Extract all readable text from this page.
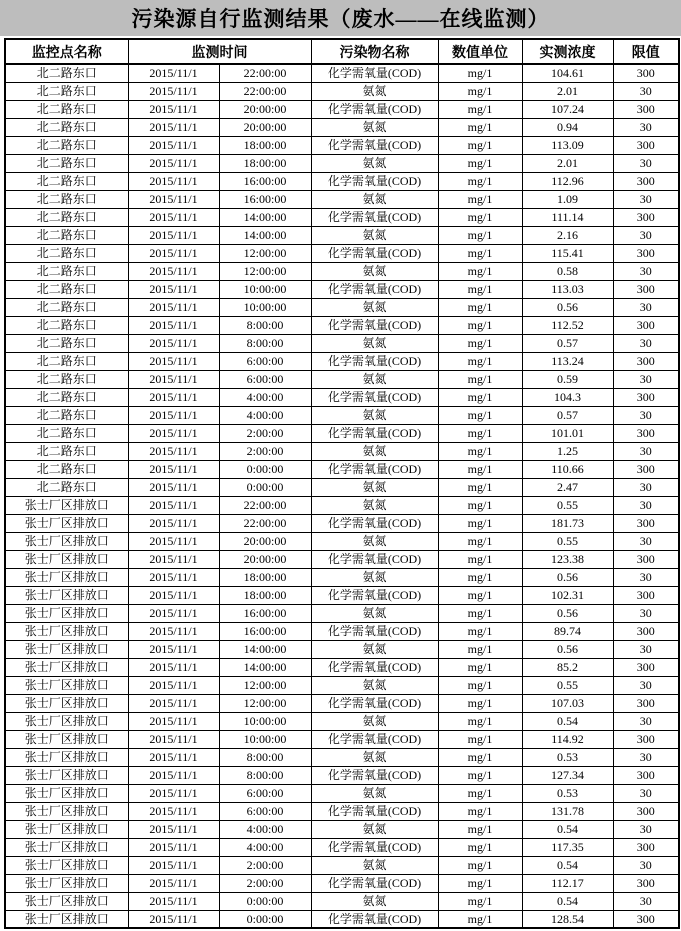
污染源自行监测结果（废水——在线监测）
监控点名称	监测时间		污染物名称	数值单位	实测浓度	限值
北二路东口	2015/11/1	22:00:00	化学需氧量(COD)	mg/1	104.61	300
北二路东口	2015/11/1	22:00:00	氨氮	mg/1	2.01	30
北二路东口	2015/11/1	20:00:00	化学需氧量(COD)	mg/1	107.24	300
北二路东口	2015/11/1	20:00:00	氨氮	mg/1	0.94	30
北二路东口	2015/11/1	18:00:00	化学需氧量(COD)	mg/1	113.09	300
北二路东口	2015/11/1	18:00:00	氨氮	mg/1	2.01	30
北二路东口	2015/11/1	16:00:00	化学需氧量(COD)	mg/1	112.96	300
北二路东口	2015/11/1	16:00:00	氨氮	mg/1	1.09	30
北二路东口	2015/11/1	14:00:00	化学需氧量(COD)	mg/1	111.14	300
北二路东口	2015/11/1	14:00:00	氨氮	mg/1	2.16	30
北二路东口	2015/11/1	12:00:00	化学需氧量(COD)	mg/1	115.41	300
北二路东口	2015/11/1	12:00:00	氨氮	mg/1	0.58	30
北二路东口	2015/11/1	10:00:00	化学需氧量(COD)	mg/1	113.03	300
北二路东口	2015/11/1	10:00:00	氨氮	mg/1	0.56	30
北二路东口	2015/11/1	8:00:00	化学需氧量(COD)	mg/1	112.52	300
北二路东口	2015/11/1	8:00:00	氨氮	mg/1	0.57	30
北二路东口	2015/11/1	6:00:00	化学需氧量(COD)	mg/1	113.24	300
北二路东口	2015/11/1	6:00:00	氨氮	mg/1	0.59	30
北二路东口	2015/11/1	4:00:00	化学需氧量(COD)	mg/1	104.3	300
北二路东口	2015/11/1	4:00:00	氨氮	mg/1	0.57	30
北二路东口	2015/11/1	2:00:00	化学需氧量(COD)	mg/1	101.01	300
北二路东口	2015/11/1	2:00:00	氨氮	mg/1	1.25	30
北二路东口	2015/11/1	0:00:00	化学需氧量(COD)	mg/1	110.66	300
北二路东口	2015/11/1	0:00:00	氨氮	mg/1	2.47	30
张士厂区排放口	2015/11/1	22:00:00	氨氮	mg/1	0.55	30
张士厂区排放口	2015/11/1	22:00:00	化学需氧量(COD)	mg/1	181.73	300
张士厂区排放口	2015/11/1	20:00:00	氨氮	mg/1	0.55	30
张士厂区排放口	2015/11/1	20:00:00	化学需氧量(COD)	mg/1	123.38	300
张士厂区排放口	2015/11/1	18:00:00	氨氮	mg/1	0.56	30
张士厂区排放口	2015/11/1	18:00:00	化学需氧量(COD)	mg/1	102.31	300
张士厂区排放口	2015/11/1	16:00:00	氨氮	mg/1	0.56	30
张士厂区排放口	2015/11/1	16:00:00	化学需氧量(COD)	mg/1	89.74	300
张士厂区排放口	2015/11/1	14:00:00	氨氮	mg/1	0.56	30
张士厂区排放口	2015/11/1	14:00:00	化学需氧量(COD)	mg/1	85.2	300
张士厂区排放口	2015/11/1	12:00:00	氨氮	mg/1	0.55	30
张士厂区排放口	2015/11/1	12:00:00	化学需氧量(COD)	mg/1	107.03	300
张士厂区排放口	2015/11/1	10:00:00	氨氮	mg/1	0.54	30
张士厂区排放口	2015/11/1	10:00:00	化学需氧量(COD)	mg/1	114.92	300
张士厂区排放口	2015/11/1	8:00:00	氨氮	mg/1	0.53	30
张士厂区排放口	2015/11/1	8:00:00	化学需氧量(COD)	mg/1	127.34	300
张士厂区排放口	2015/11/1	6:00:00	氨氮	mg/1	0.53	30
张士厂区排放口	2015/11/1	6:00:00	化学需氧量(COD)	mg/1	131.78	300
张士厂区排放口	2015/11/1	4:00:00	氨氮	mg/1	0.54	30
张士厂区排放口	2015/11/1	4:00:00	化学需氧量(COD)	mg/1	117.35	300
张士厂区排放口	2015/11/1	2:00:00	氨氮	mg/1	0.54	30
张士厂区排放口	2015/11/1	2:00:00	化学需氧量(COD)	mg/1	112.17	300
张士厂区排放口	2015/11/1	0:00:00	氨氮	mg/1	0.54	30
张士厂区排放口	2015/11/1	0:00:00	化学需氧量(COD)	mg/1	128.54	300
